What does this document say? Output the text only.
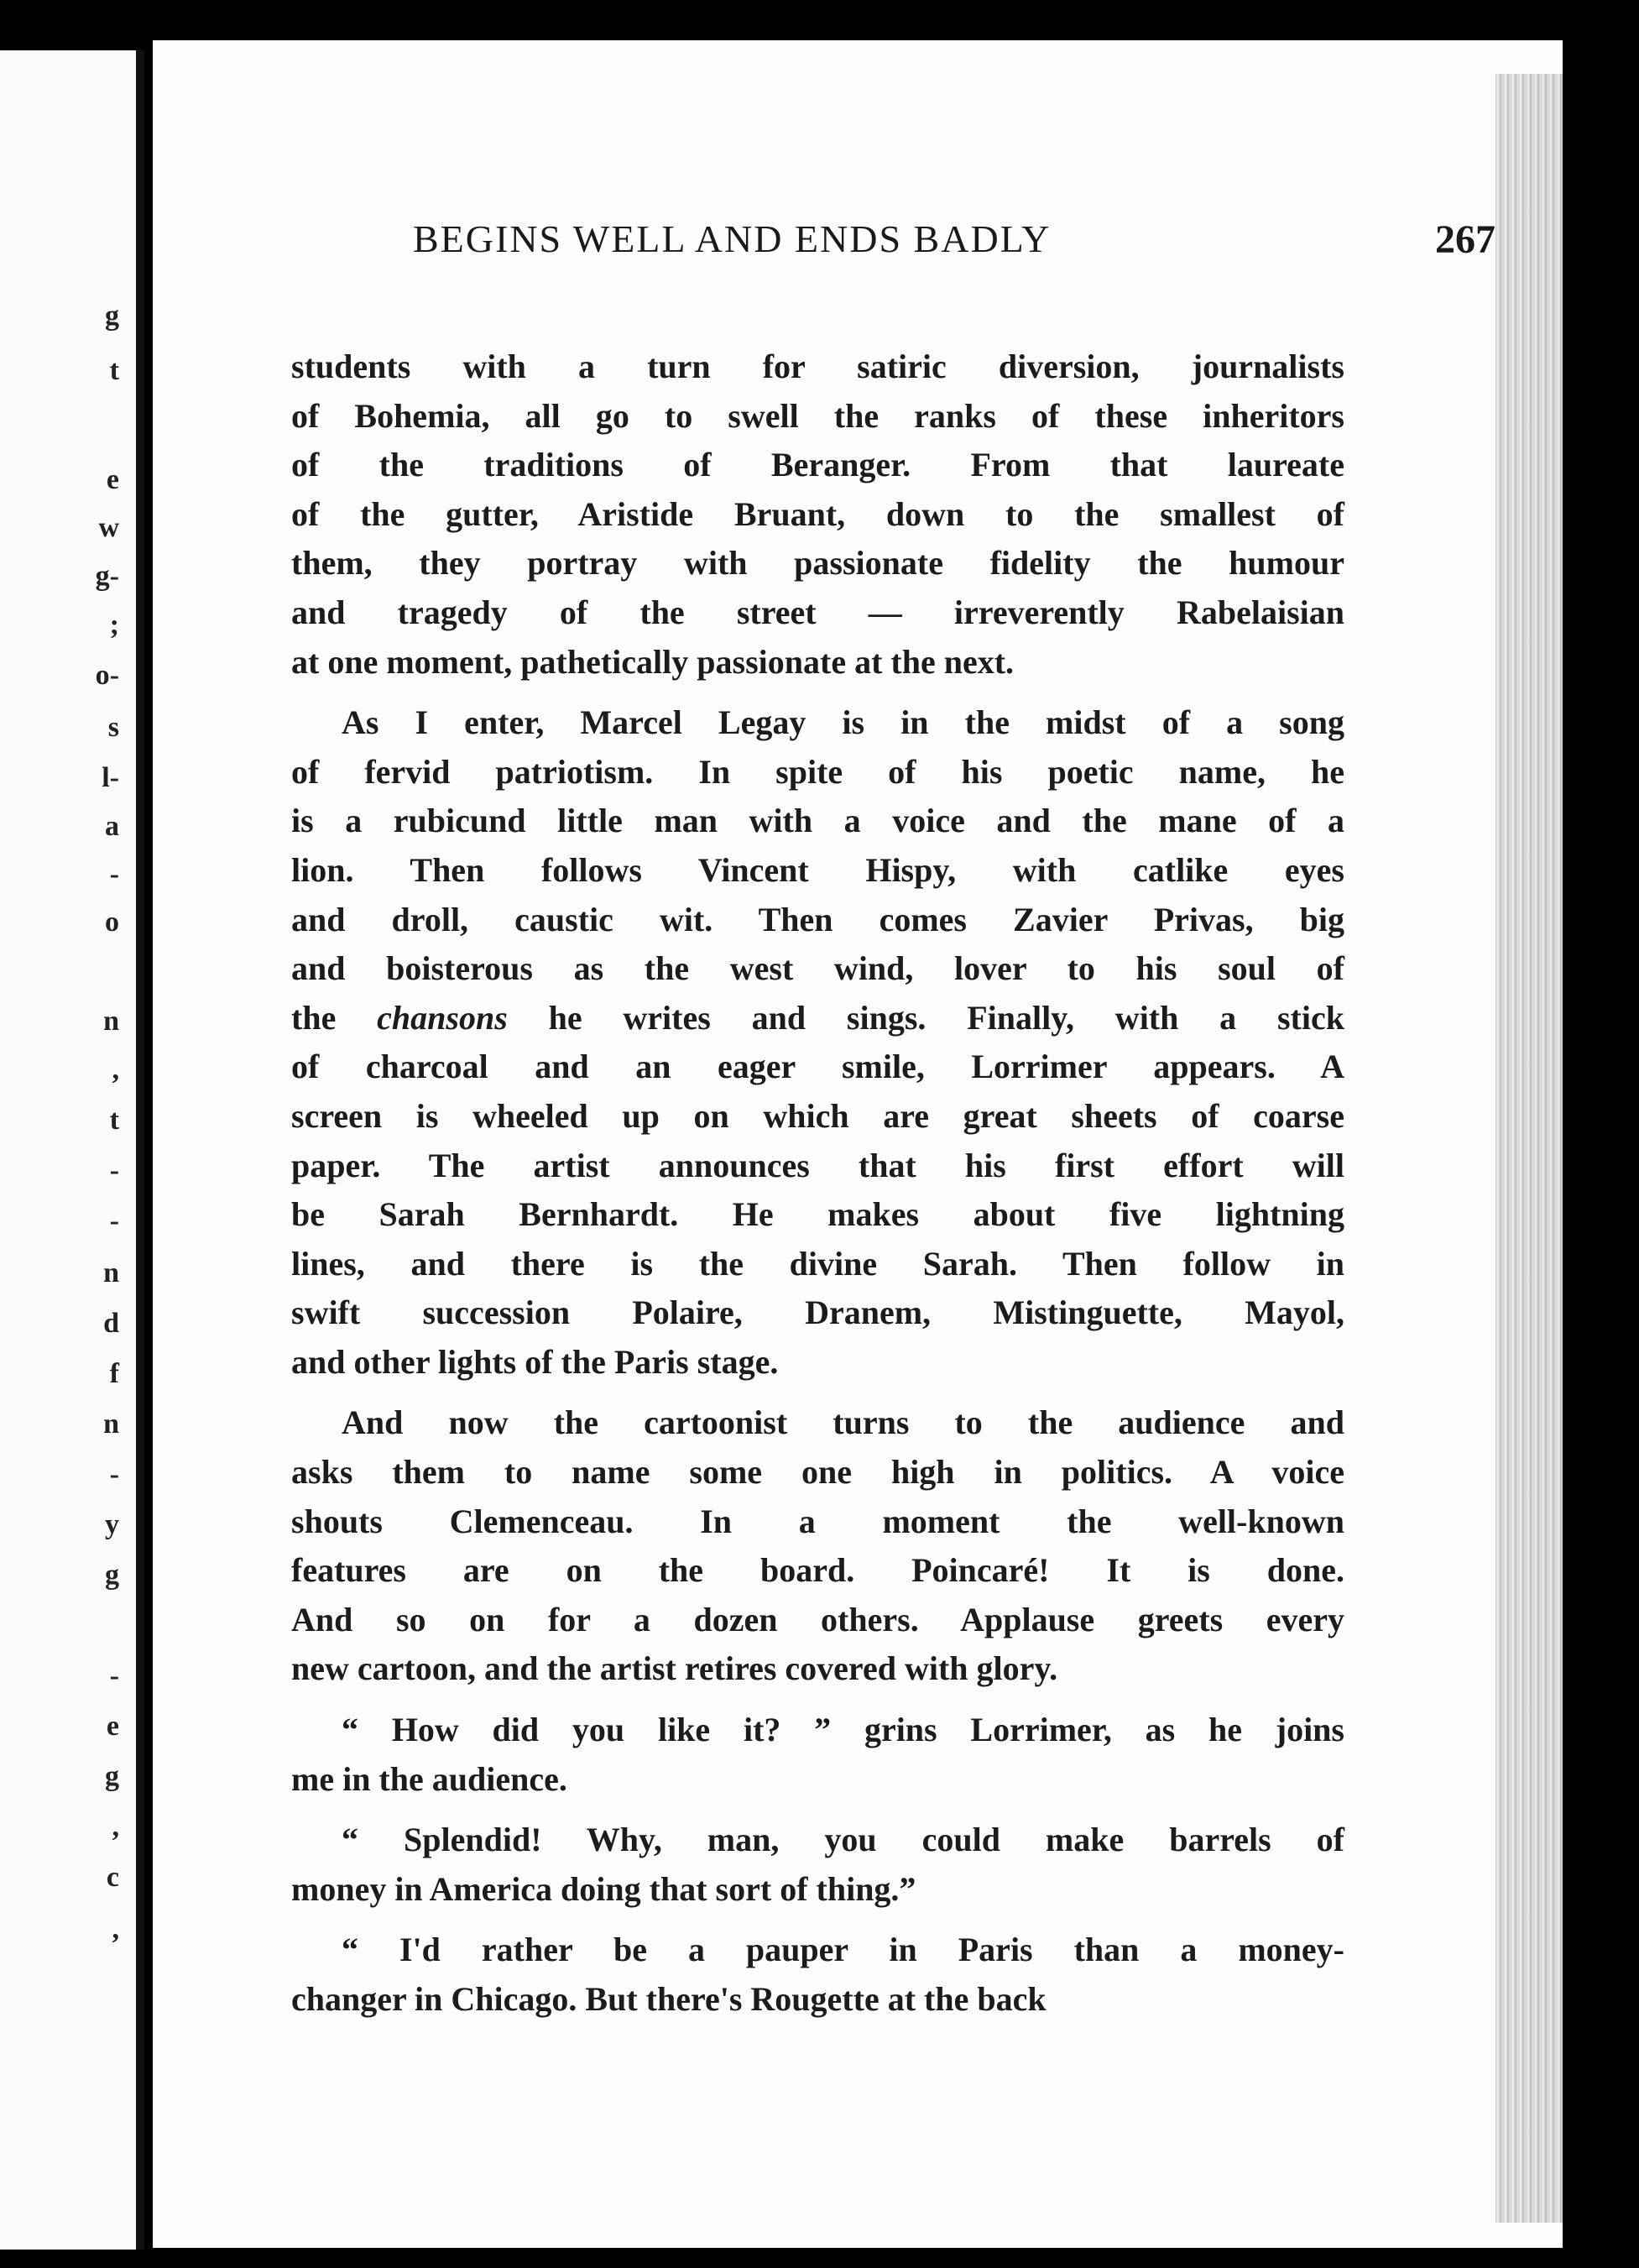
g
t
e
w
g-
;
o-
s
l-
a
-
o
n
,
t
-
-
n
d
f
n
-
y
g
-
e
g
,
c
,
BEGINS WELL AND ENDS BADLY	267
students with a turn for satiric diversion, journalists
of Bohemia, all go to swell the ranks of these inheritors
of the traditions of Beranger. From that laureate
of the gutter, Aristide Bruant, down to the smallest of
them, they portray with passionate fidelity the humour
and tragedy of the street — irreverently Rabelaisian
at one moment, pathetically passionate at the next.
As I enter, Marcel Legay is in the midst of a song
of fervid patriotism. In spite of his poetic name, he
is a rubicund little man with a voice and the mane of a
lion. Then follows Vincent Hispy, with catlike eyes
and droll, caustic wit. Then comes Zavier Privas, big
and boisterous as the west wind, lover to his soul of
the chansons he writes and sings. Finally, with a stick
of charcoal and an eager smile, Lorrimer appears. A
screen is wheeled up on which are great sheets of coarse
paper. The artist announces that his first effort will
be Sarah Bernhardt. He makes about five lightning
lines, and there is the divine Sarah. Then follow in
swift succession Polaire, Dranem, Mistinguette, Mayol,
and other lights of the Paris stage.
And now the cartoonist turns to the audience and
asks them to name some one high in politics. A voice
shouts Clemenceau. In a moment the well-known
features are on the board. Poincaré! It is done.
And so on for a dozen others. Applause greets every
new cartoon, and the artist retires covered with glory.
“ How did you like it? ” grins Lorrimer, as he joins
me in the audience.
“ Splendid! Why, man, you could make barrels of
money in America doing that sort of thing.”
“ I'd rather be a pauper in Paris than a money-
changer in Chicago. But there's Rougette at the back
